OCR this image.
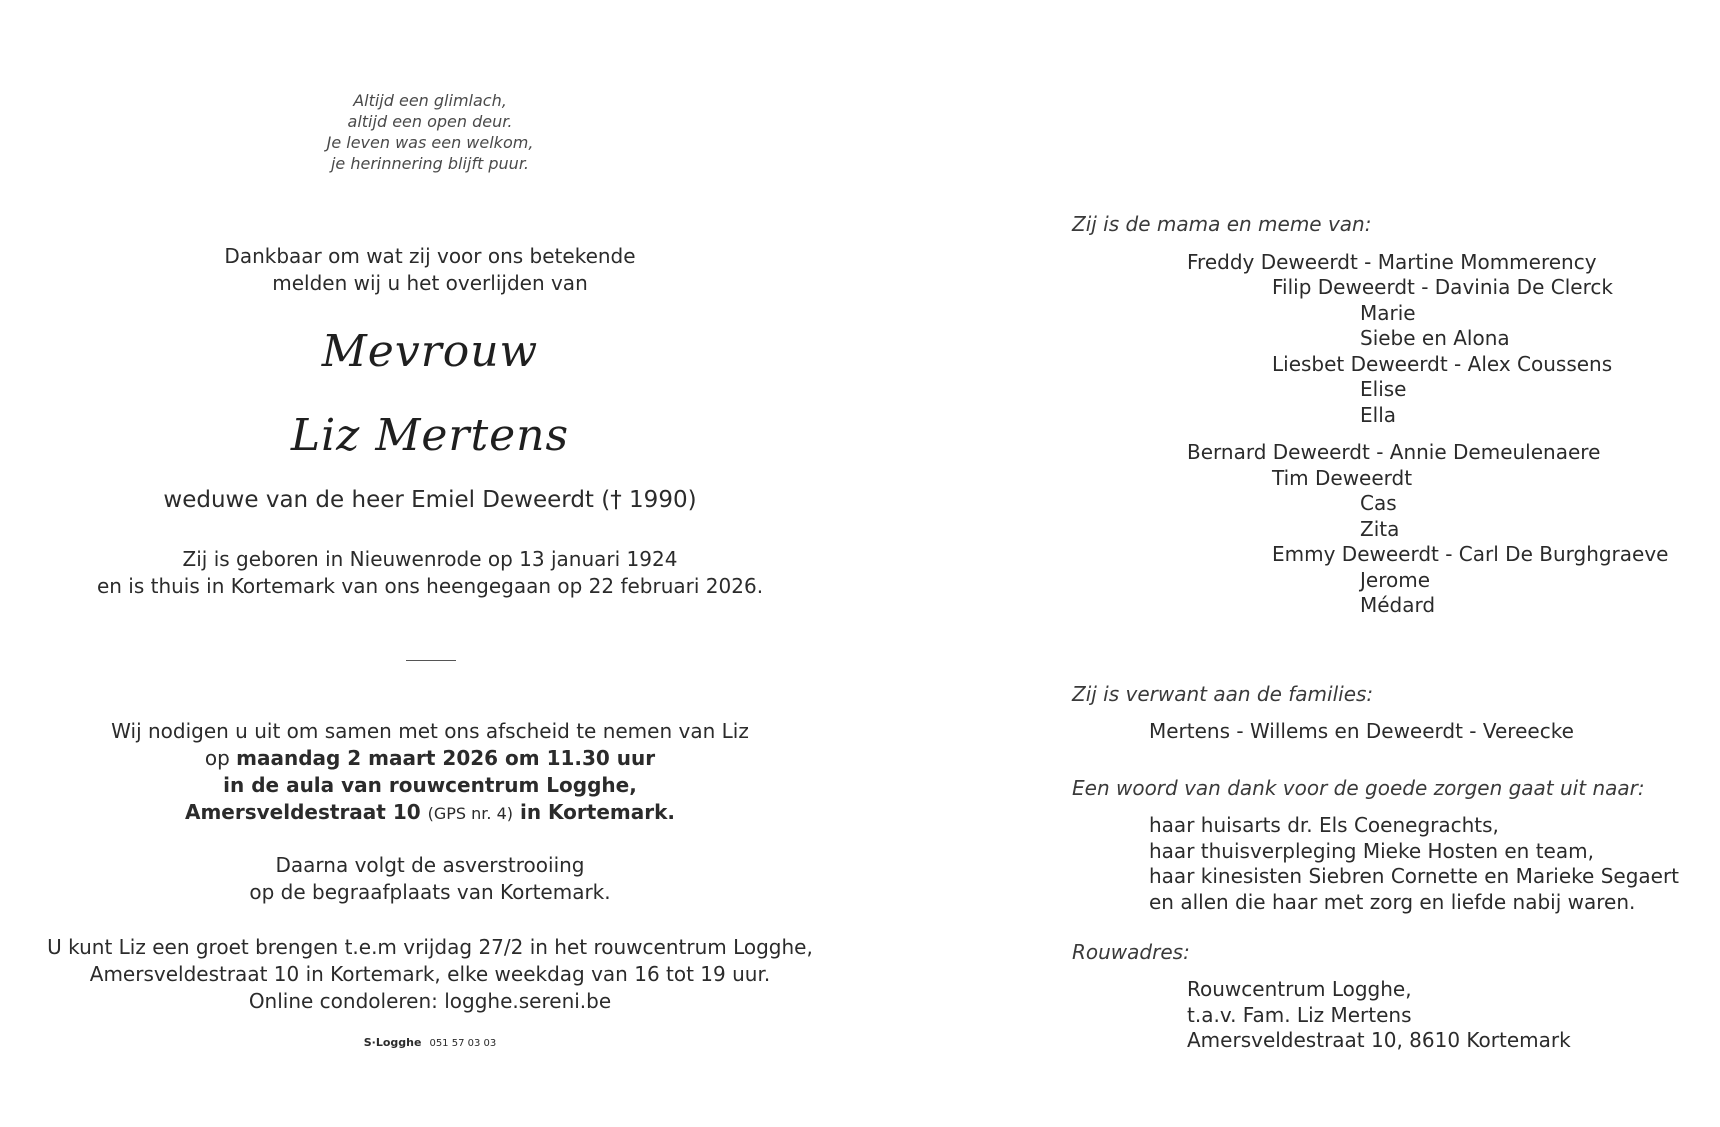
Altijd een glimlach,
altijd een open deur.
Je leven was een welkom,
je herinnering blijft puur.
Dankbaar om wat zij voor ons betekende
melden wij u het overlijden van
Mevrouw
Liz Mertens
weduwe van de heer Emiel Deweerdt († 1990)
Zij is geboren in Nieuwenrode op 13 januari 1924
en is thuis in Kortemark van ons heengegaan op 22 februari 2026.
Wij nodigen u uit om samen met ons afscheid te nemen van Liz
op maandag 2 maart 2026 om 11.30 uur
in de aula van rouwcentrum Logghe,
Amersveldestraat 10 (GPS nr. 4) in Kortemark.
Daarna volgt de asverstrooiing
op de begraafplaats van Kortemark.
U kunt Liz een groet brengen t.e.m vrijdag 27/2 in het rouwcentrum Logghe,
Amersveldestraat 10 in Kortemark, elke weekdag van 16 tot 19 uur.
Online condoleren: logghe.sereni.be
S·Logghe 051 57 03 03
Zij is de mama en meme van:
Freddy Deweerdt - Martine Mommerency
Filip Deweerdt - Davinia De Clerck
Marie
Siebe en Alona
Liesbet Deweerdt - Alex Coussens
Elise
Ella
Bernard Deweerdt - Annie Demeulenaere
Tim Deweerdt
Cas
Zita
Emmy Deweerdt - Carl De Burghgraeve
Jerome
Médard
Zij is verwant aan de families:
Mertens - Willems en Deweerdt - Vereecke
Een woord van dank voor de goede zorgen gaat uit naar:
haar huisarts dr. Els Coenegrachts,
haar thuisverpleging Mieke Hosten en team,
haar kinesisten Siebren Cornette en Marieke Segaert
en allen die haar met zorg en liefde nabij waren.
Rouwadres:
Rouwcentrum Logghe,
t.a.v. Fam. Liz Mertens
Amersveldestraat 10, 8610 Kortemark
